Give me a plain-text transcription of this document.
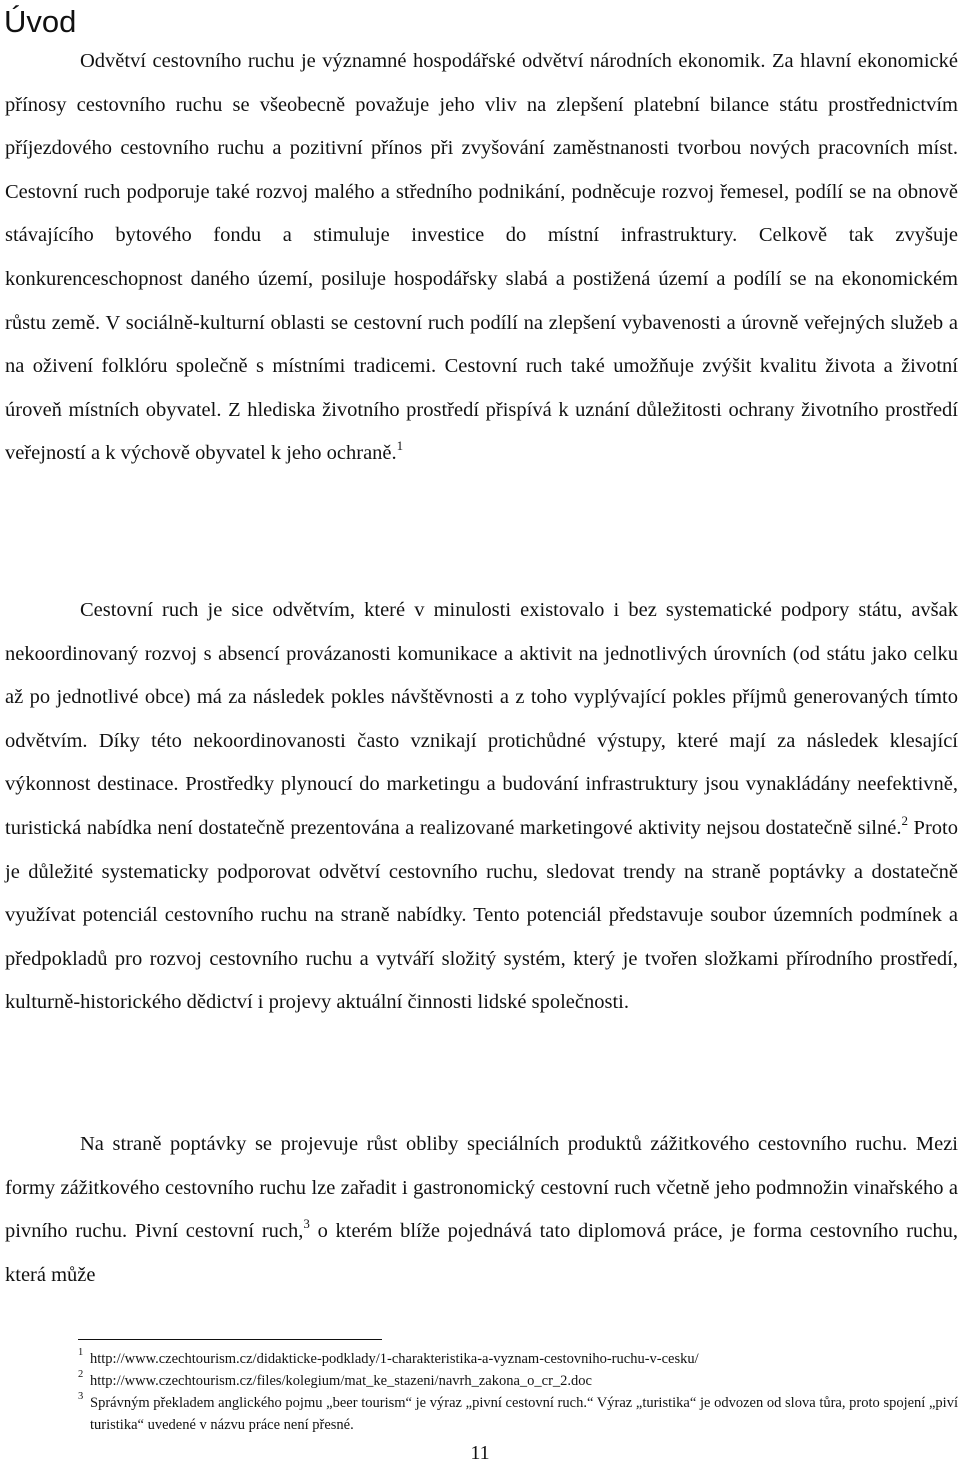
Úvod

Odvětví cestovního ruchu je významné hospodářské odvětví národních ekonomik. Za hlavní ekonomické přínosy cestovního ruchu se všeobecně považuje jeho vliv na zlepšení platební bilance státu prostřednictvím příjezdového cestovního ruchu a pozitivní přínos při zvyšování zaměstnanosti tvorbou nových pracovních míst. Cestovní ruch podporuje také rozvoj malého a středního podnikání, podněcuje rozvoj řemesel, podílí se na obnově stávajícího bytového fondu a stimuluje investice do místní infrastruktury. Celkově tak zvyšuje konkurenceschopnost daného území, posiluje hospodářsky slabá a postižená území a podílí se na ekonomickém růstu země. V sociálně-kulturní oblasti se cestovní ruch podílí na zlepšení vybavenosti a úrovně veřejných služeb a na oživení folklóru společně s místními tradicemi. Cestovní ruch také umožňuje zvýšit kvalitu života a životní úroveň místních obyvatel. Z hlediska životního prostředí přispívá k uznání důležitosti ochrany životního prostředí veřejností a k výchově obyvatel k jeho ochraně.$^1$

Cestovní ruch je sice odvětvím, které v minulosti existovalo i bez systematické podpory státu, avšak nekoordinovaný rozvoj s absencí provázanosti komunikace a aktivit na jednotlivých úrovních (od státu jako celku až po jednotlivé obce) má za následek pokles návštěvnosti a z toho vyplývající pokles příjmů generovaných tímto odvětvím. Díky této nekoordinovanosti často vznikají protichůdné výstupy, které mají za následek klesající výkonnost destinace. Prostředky plynoucí do marketingu a budování infrastruktury jsou vynakládány neefektivně, turistická nabídka není dostatečně prezentována a realizované marketingové aktivity nejsou dostatečně silné.$^2$ Proto je důležité systematicky podporovat odvětví cestovního ruchu, sledovat trendy na straně poptávky a dostatečně využívat potenciál cestovního ruchu na straně nabídky. Tento potenciál představuje soubor územních podmínek a předpokladů pro rozvoj cestovního ruchu a vytváří složitý systém, který je tvořen složkami přírodního prostředí, kulturně-historického dědictví i projevy aktuální činnosti lidské společnosti.

Na straně poptávky se projevuje růst obliby speciálních produktů zážitkového cestovního ruchu. Mezi formy zážitkového cestovního ruchu lze zařadit i gastronomický cestovní ruch včetně jeho podmnožin vinařského a pivního ruchu. Pivní cestovní ruch,$^3$ o kterém blíže pojednává tato diplomová práce, je forma cestovního ruchu, která může

1 http://www.czechtourism.cz/didakticke-podklady/1-charakteristika-a-vyznam-cestovniho-ruchu-v-cesku/
2 http://www.czechtourism.cz/files/kolegium/mat_ke_stazeni/navrh_zakona_o_cr_2.doc
3 Správným překladem anglického pojmu „beer tourism“ je výraz „pivní cestovní ruch.“ Výraz „turistika“ je odvozen od slova tůra, proto spojení „piví turistika“ uvedené v názvu práce není přesné.
11
